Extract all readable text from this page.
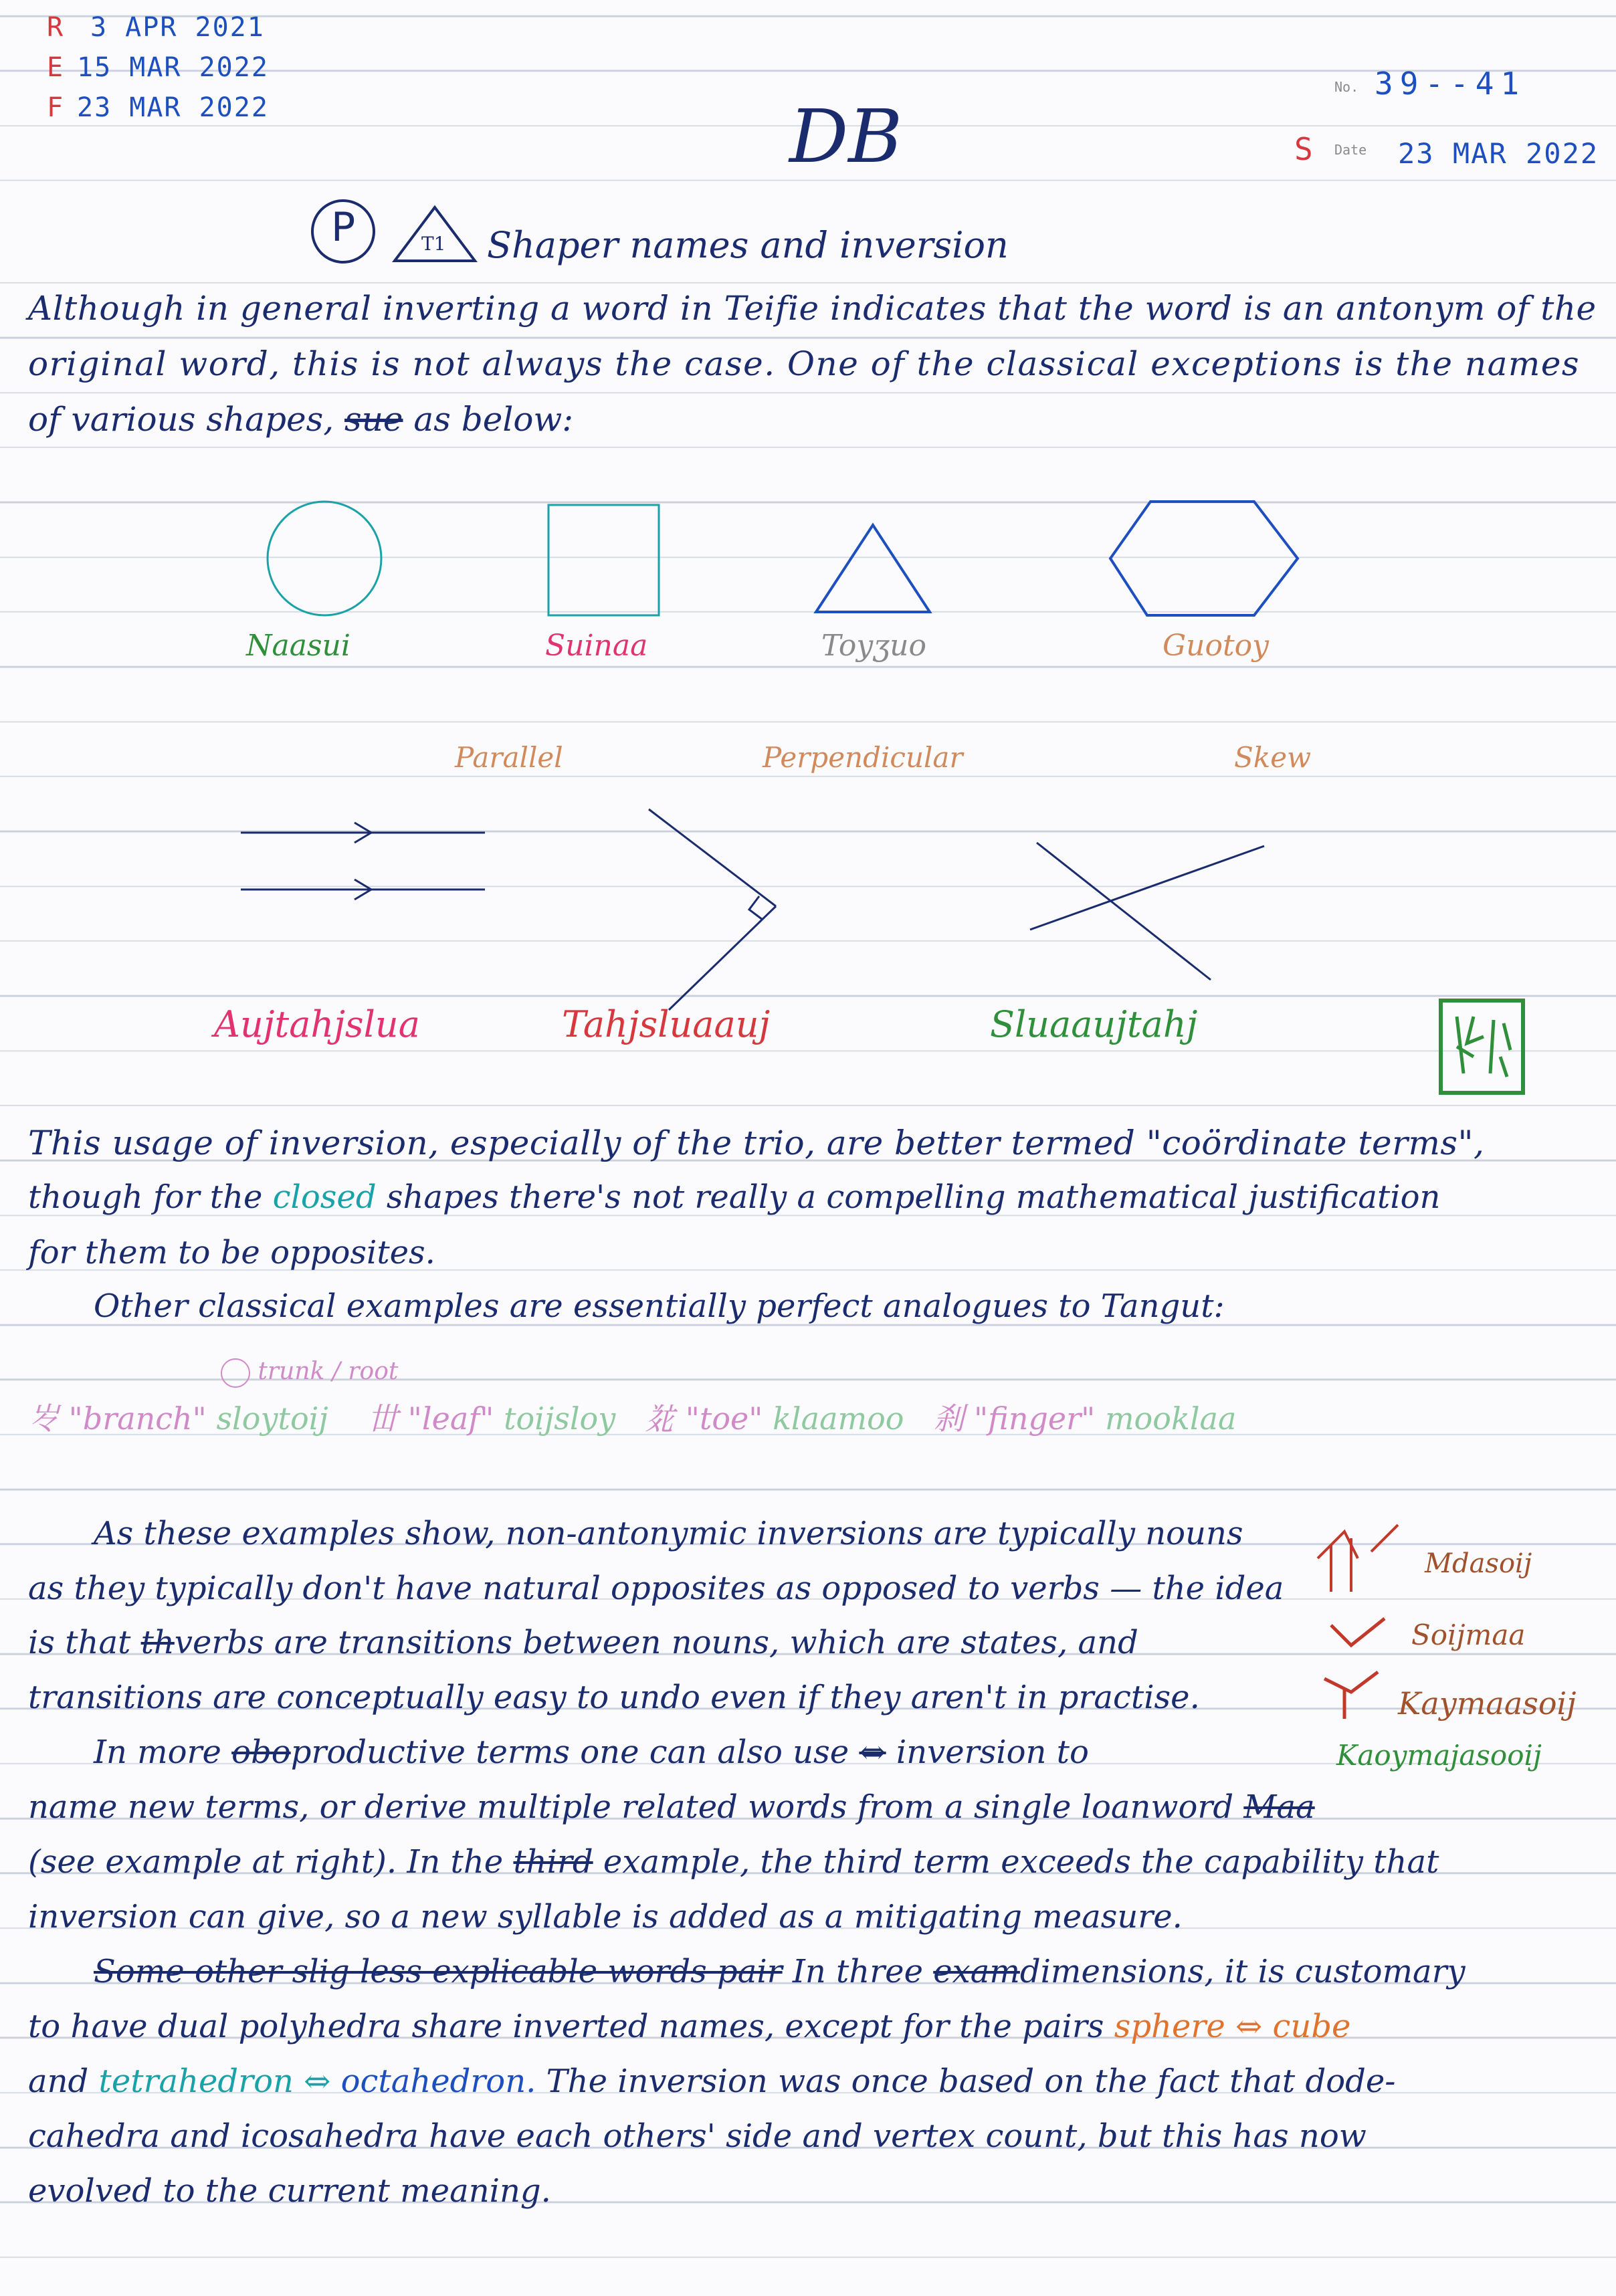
R 3 APR 2021
E 15 MAR 2022
F 23 MAR 2022
No. 39--41
S Date 23 MAR 2022
DB
P	T1 Shaper names and inversion
Although in general inverting a word in Teifie indicates that the word is an antonym of the
original word, this is not always the case. One of the classical exceptions is the names
of various shapes, sue as below:
Naasui	Suinaa	Toyʒuo	Guotoy
Parallel	Perpendicular	Skew
Aujtahjslua	Tahjsluaauj	Sluaaujtahj
This usage of inversion, especially of the trio, are better termed "coördinate terms",
though for the closed shapes there's not really a compelling mathematical justification
for them to be opposites.
Other classical examples are essentially perfect analogues to Tangut:
trunk / root
㞮 "branch" sloytoij 丗 "leaf" toijsloy 𘃎 "toe" klaamoo 刹 "finger" mooklaa
As these examples show, non-antonymic inversions are typically nouns
as they typically don't have natural opposites as opposed to verbs — the idea
is that thverbs are transitions between nouns, which are states, and
transitions are conceptually easy to undo even if they aren't in practise.
In more oboproductive terms one can also use ⇔ inversion to
name new terms, or derive multiple related words from a single loanword Maa
(see example at right). In the third example, the third term exceeds the capability that
inversion can give, so a new syllable is added as a mitigating measure.
Mdasoij
Soijmaa
Kaymaasoij
Kaoymajasooij
Some other slig less explicable words pair In three examdimensions, it is customary
to have dual polyhedra share inverted names, except for the pairs sphere ⇔ cube
and tetrahedron ⇔ octahedron. The inversion was once based on the fact that dode-
cahedra and icosahedra have each others' side and vertex count, but this has now
evolved to the current meaning.
